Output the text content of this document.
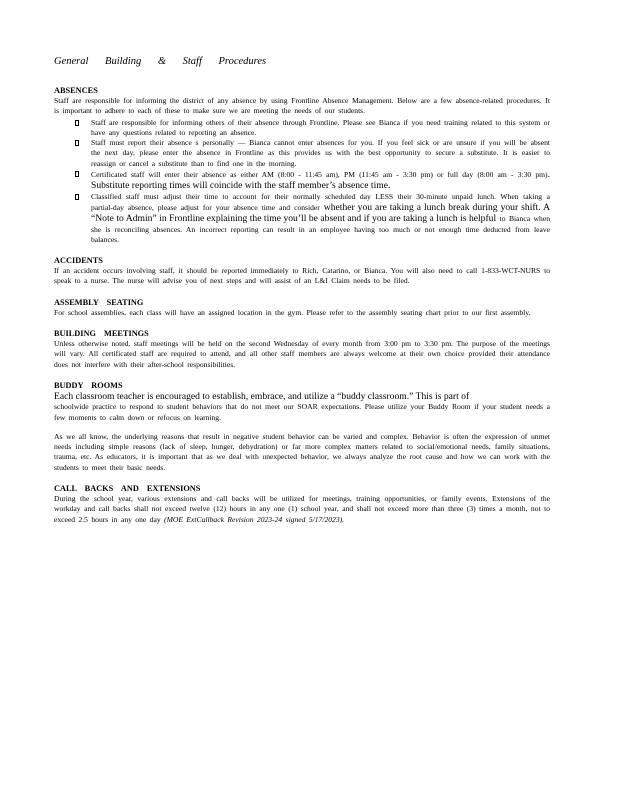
General Building & Staff Procedures
ABSENCES

Staff are responsible for informing the district of any absence by using Frontline Absence Management. Below are a few absence-related procedures. It is important to adhere to each of these to make sure we are meeting the needs of our students.

Staff are responsible for informing others of their absence through Frontline. Please see Bianca if you need training related to this system or have any questions related to reporting an absence.
Staff must report their absence s personally — Bianca cannot enter absences for you. If you feel sick or are unsure if you will be absent the next day, please enter the absence in Frontline as this provides us with the best opportunity to secure a substitute. It is easier to reassign or cancel a substitute than to find one in the morning.
Certificated staff will enter their absence as either AM (8:00 - 11:45 am), PM (11:45 am - 3:30 pm) or full day (8:00 am - 3:30 pm). Substitute reporting times will coincide with the staff member’s absence time.
Classified staff must adjust their time to account for their normally scheduled day LESS their 30-minute unpaid lunch. When taking a partial-day absence, please adjust for your absence time and consider whether you are taking a lunch break during your shift. A “Note to Admin” in Frontline explaining the time you’ll be absent and if you are taking a lunch is helpful to Bianca when she is reconciling absences. An incorrect reporting can result in an employee having too much or not enough time deducted from leave balances.
ACCIDENTS

If an accident occurs involving staff, it should be reported immediately to Rich, Catarino, or Bianca. You will also need to call 1-833-WCT-NURS to speak to a nurse. The nurse will advise you of next steps and will assist of an L&I Claim needs to be filed.

ASSEMBLY SEATING

For school assemblies, each class will have an assigned location in the gym. Please refer to the assembly seating chart prior to our first assembly.

BUILDING MEETINGS

Unless otherwise noted, staff meetings will be held on the second Wednesday of every month from 3:00 pm to 3:30 pm. The purpose of the meetings will vary. All certificated staff are required to attend, and all other staff members are always welcome at their own choice provided their attendance does not interfere with their after-school responsibilities.

BUDDY ROOMS

Each classroom teacher is encouraged to establish, embrace, and utilize a “buddy classroom.” This is part of

schoolwide practice to respond to student behaviors that do not meet our SOAR expectations. Please utilize your Buddy Room if your student needs a few moments to calm down or refocus on learning.

As we all know, the underlying reasons that result in negative student behavior can be varied and complex. Behavior is often the expression of unmet needs including simple reasons (lack of sleep, hunger, dehydration) or far more complex matters related to social/emotional needs, family situations, trauma, etc. As educators, it is important that as we deal with unexpected behavior, we always analyze the root cause and how we can work with the students to meet their basic needs.

CALL BACKS AND EXTENSIONS

During the school year, various extensions and call backs will be utilized for meetings, training opportunities, or family events. Extensions of the workday and call backs shall not exceed twelve (12) hours in any one (1) school year, and shall not exceed more than three (3) times a month, not to exceed 2.5 hours in any one day (MOE ExtCallback Revision 2023-24 signed 5/17/2023).
